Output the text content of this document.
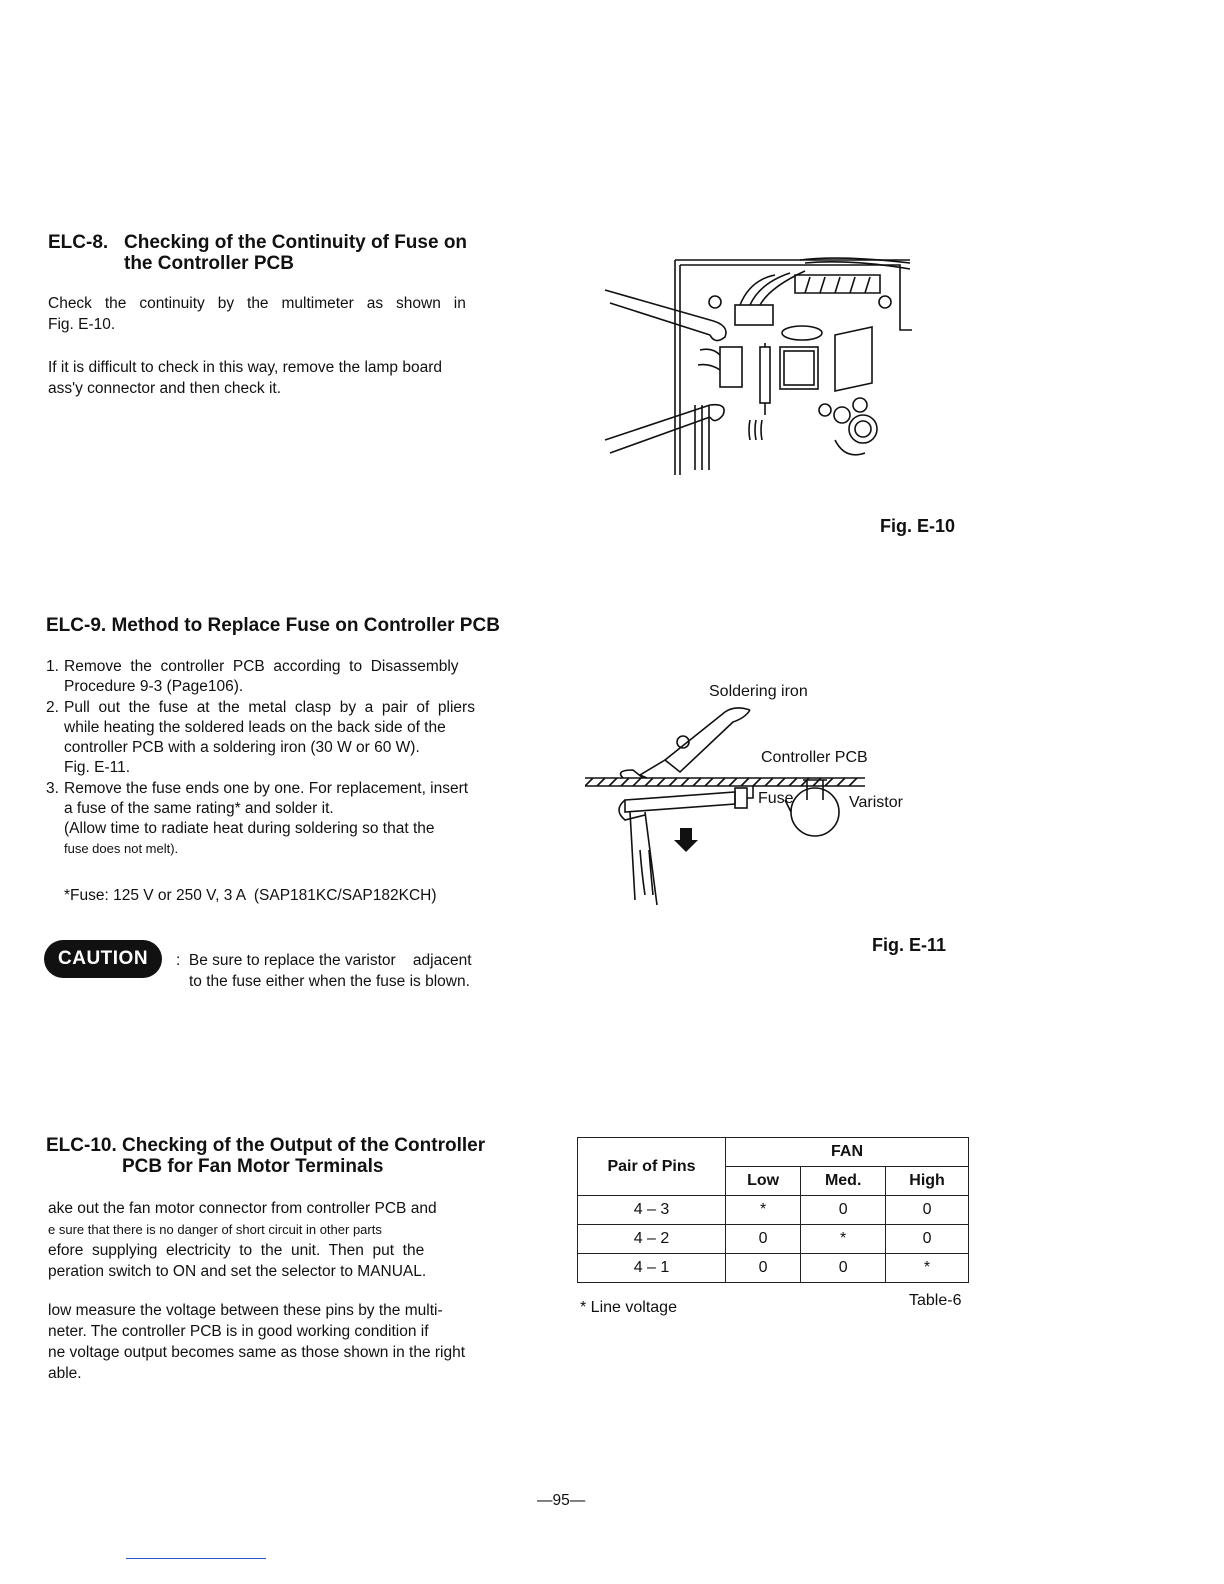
ELC-8. Checking of the Continuity of Fuse on
the Controller PCB
Check   the   continuity   by   the   multimeter   as   shown   in
Fig. E-10.
If it is difficult to check in this way, remove the lamp board
ass'y connector and then check it.
Fig. E-10
ELC-9. Method to Replace Fuse on Controller PCB
1. Remove  the  controller  PCB  according  to  Disassembly
Procedure 9-3 (Page106).
2. Pull  out  the  fuse  at  the  metal  clasp  by  a  pair  of  pliers
while heating the soldered leads on the back side of the
controller PCB with a soldering iron (30 W or 60 W).
Fig. E-11.
3. Remove the fuse ends one by one. For replacement, insert
a fuse of the same rating* and solder it.
(Allow time to radiate heat during soldering so that the
fuse does not melt).
*Fuse: 125 V or 250 V, 3 A  (SAP181KC/SAP182KCH)
CAUTION	:  Be sure to replace the varistor    adjacent
to the fuse either when the fuse is blown.
Soldering iron
Controller PCB
Fuse	Varistor
Fig. E-11
ELC-10. Checking of the Output of the Controller
PCB for Fan Motor Terminals
ake out the fan motor connector from controller PCB and
e sure that there is no danger of short circuit in other parts
efore  supplying  electricity  to  the  unit.  Then  put  the
peration switch to ON and set the selector to MANUAL.
low measure the voltage between these pins by the multi-
neter. The controller PCB is in good working condition if
ne voltage output becomes same as those shown in the right
able.
Pair of Pins	FAN		
	Low	Med.	High
4 – 3	*	0	0
4 – 2	0	*	0
4 – 1	0	0	*
* Line voltage	Table-6
—95—
